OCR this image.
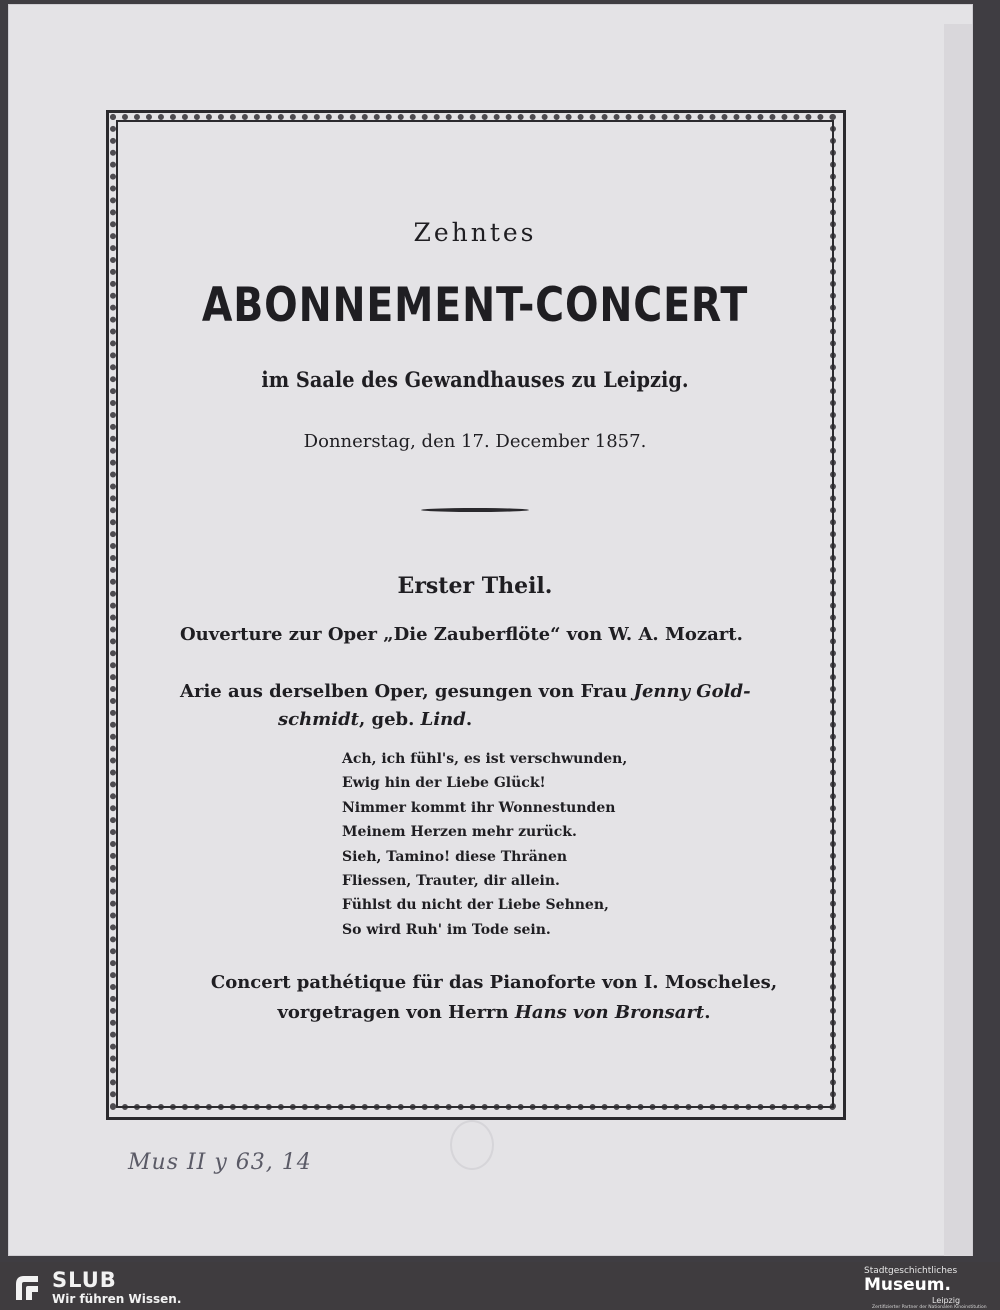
Zehntes
ABONNEMENT-CONCERT
im Saale des Gewandhauses zu Leipzig.
Donnerstag, den 17. December 1857.
Erster Theil.
Ouverture zur Oper „Die Zauberflöte“ von W. A. Mozart.
Arie aus derselben Oper, gesungen von Frau Jenny Gold-
schmidt, geb. Lind.
Ach, ich fühl's, es ist verschwunden,
Ewig hin der Liebe Glück!
Nimmer kommt ihr Wonnestunden
Meinem Herzen mehr zurück.
Sieh, Tamino! diese Thränen
Fliessen, Trauter, dir allein.
Fühlst du nicht der Liebe Sehnen,
So wird Ruh' im Tode sein.
Concert pathétique für das Pianoforte von I. Moscheles,
vorgetragen von Herrn Hans von Bronsart.
Mus II y 63, 14
SLUB
Wir führen Wissen.
Stadtgeschichtliches
Museum.
Leipzig
Zertifizierter Partner der Nationalen Kinoinstitution
